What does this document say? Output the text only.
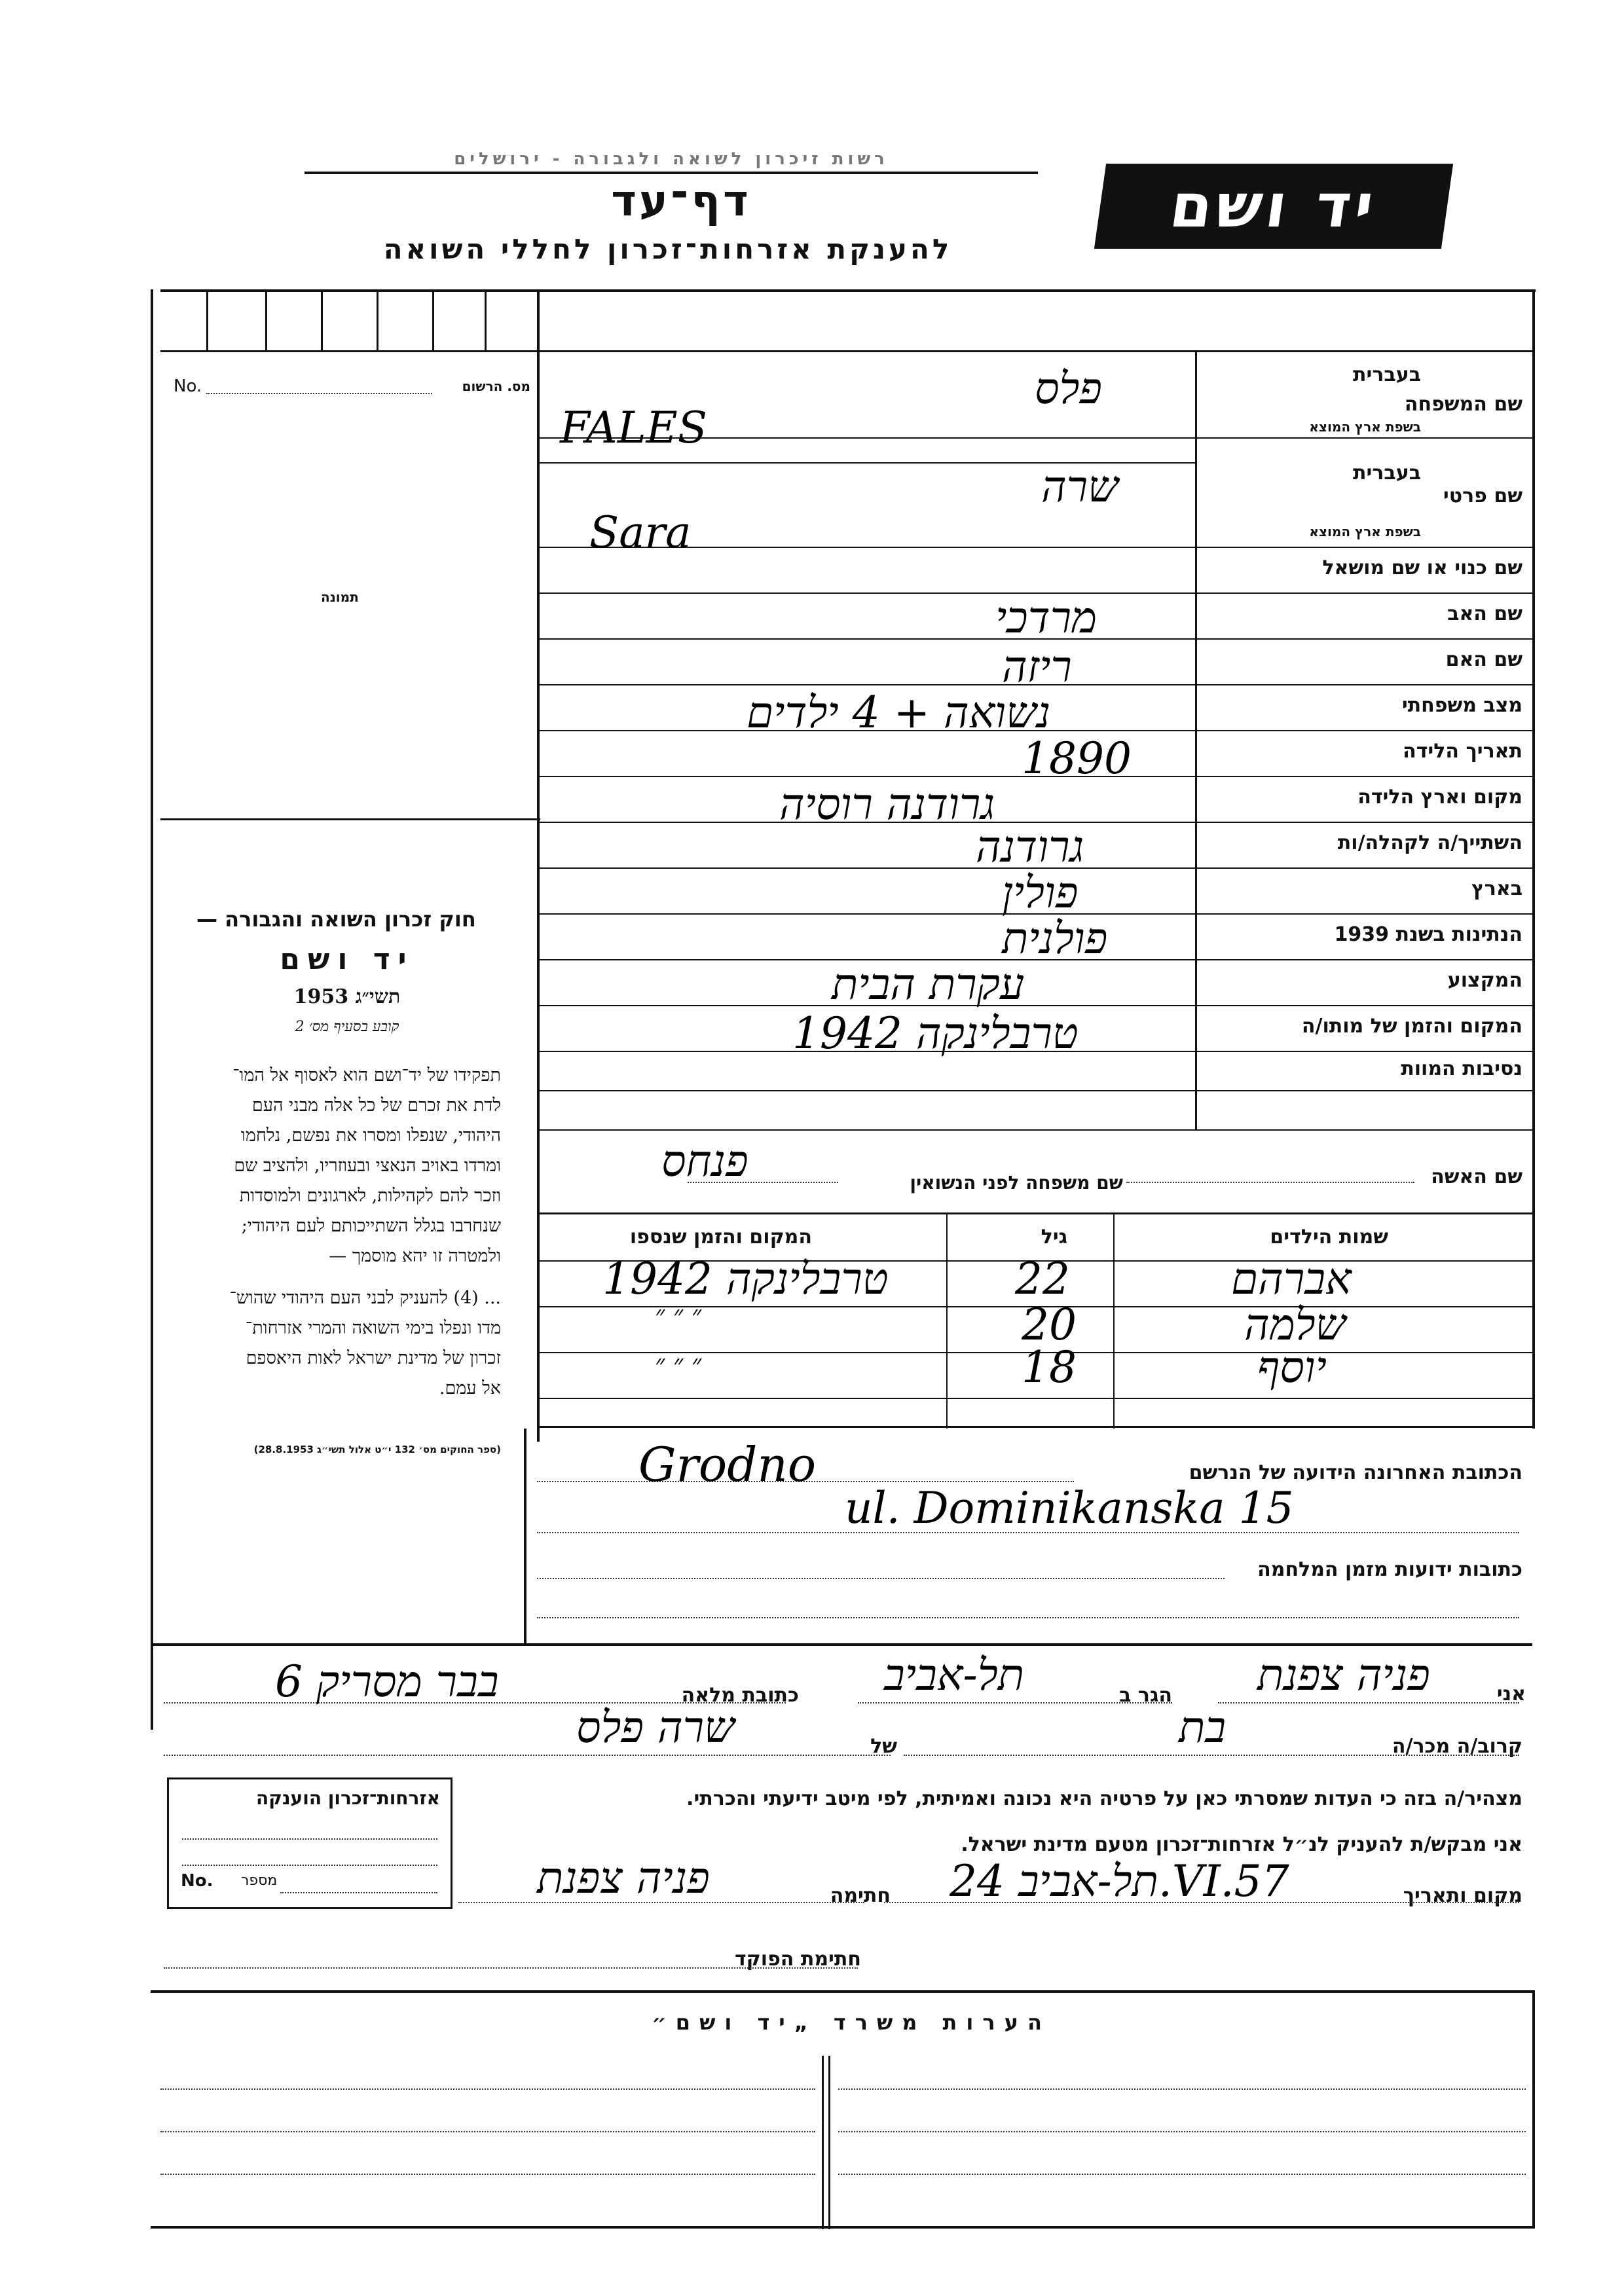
רשות זיכרון לשואה ולגבורה - ירושלים
דף־עד
להענקת אזרחות־זכרון לחללי השואה
יד ושם
No.	מס. הרשום
תמונה
שם המשפחה
בעברית
בשפת ארץ המוצא
שם פרטי
בעברית
בשפת ארץ המוצא
שם כנוי או שם מושאל
שם האב
שם האם
מצב משפחתי
תאריך הלידה
מקום וארץ הלידה
השתייך/ה לקהלה/ות
בארץ
הנתינות בשנת 1939
המקצוע
המקום והזמן של מותו/ה
נסיבות המוות
שם האשה
שם משפחה לפני הנשואין
שמות הילדים
גיל
המקום והזמן שנספו
פלס
FALES
שרה
Sara
מרדכי
ריזה
נשואה + 4 ילדים
1890
גרודנה רוסיה
גרודנה
פולין
פולנית
עקרת הבית
טרבלינקה 1942
פנחס
אברהם
22
טרבלינקה 1942
שלמה
20
״ ״ ״
יוסף
18
״ ״ ״
הכתובת האחרונה הידועה של הנרשם
Grodno
ul. Dominikanska 15
כתובות ידועות מזמן המלחמה
אני
פניה צפנת
הגר ב
תל-אביב
כתובת מלאה
בבר מסריק 6
קרוב/ה מכר/ה
בת
של
שרה פלס
מצהיר/ה בזה כי העדות שמסרתי כאן על פרטיה היא נכונה ואמיתית, לפי מיטב ידיעתי והכרתי.
אני מבקש/ת להעניק לנ״ל אזרחות־זכרון מטעם מדינת ישראל.
מקום ותאריך
תל-אביב 24.VI.57
חתימה
פניה צפנת
חתימת הפוקד
אזרחות־זכרון הוענקה
No. מספר
הערות משרד „יד ושם״
חוק זכרון השואה והגבורה —
יד ושם
תשי״ג 1953
קובע בסעיף מס׳ 2
תפקידו של יד־ושם הוא לאסוף אל המו־
לדת את זכרם של כל אלה מבני העם
היהודי, שנפלו ומסרו את נפשם, נלחמו
ומרדו באויב הנאצי ובעוזריו, ולהציב שם
וזכר להם לקהילות, לארגונים ולמוסדות
שנחרבו בגלל השתייכותם לעם היהודי;
ולמטרה זו יהא מוסמך —
... (4) להעניק לבני העם היהודי שהוש־
מדו ונפלו בימי השואה והמרי אזרחות־
זכרון של מדינת ישראל לאות היאספם
אל עמם.
(ספר החוקים מס׳ 132 י״ט אלול תשי״ג 28.8.1953)
